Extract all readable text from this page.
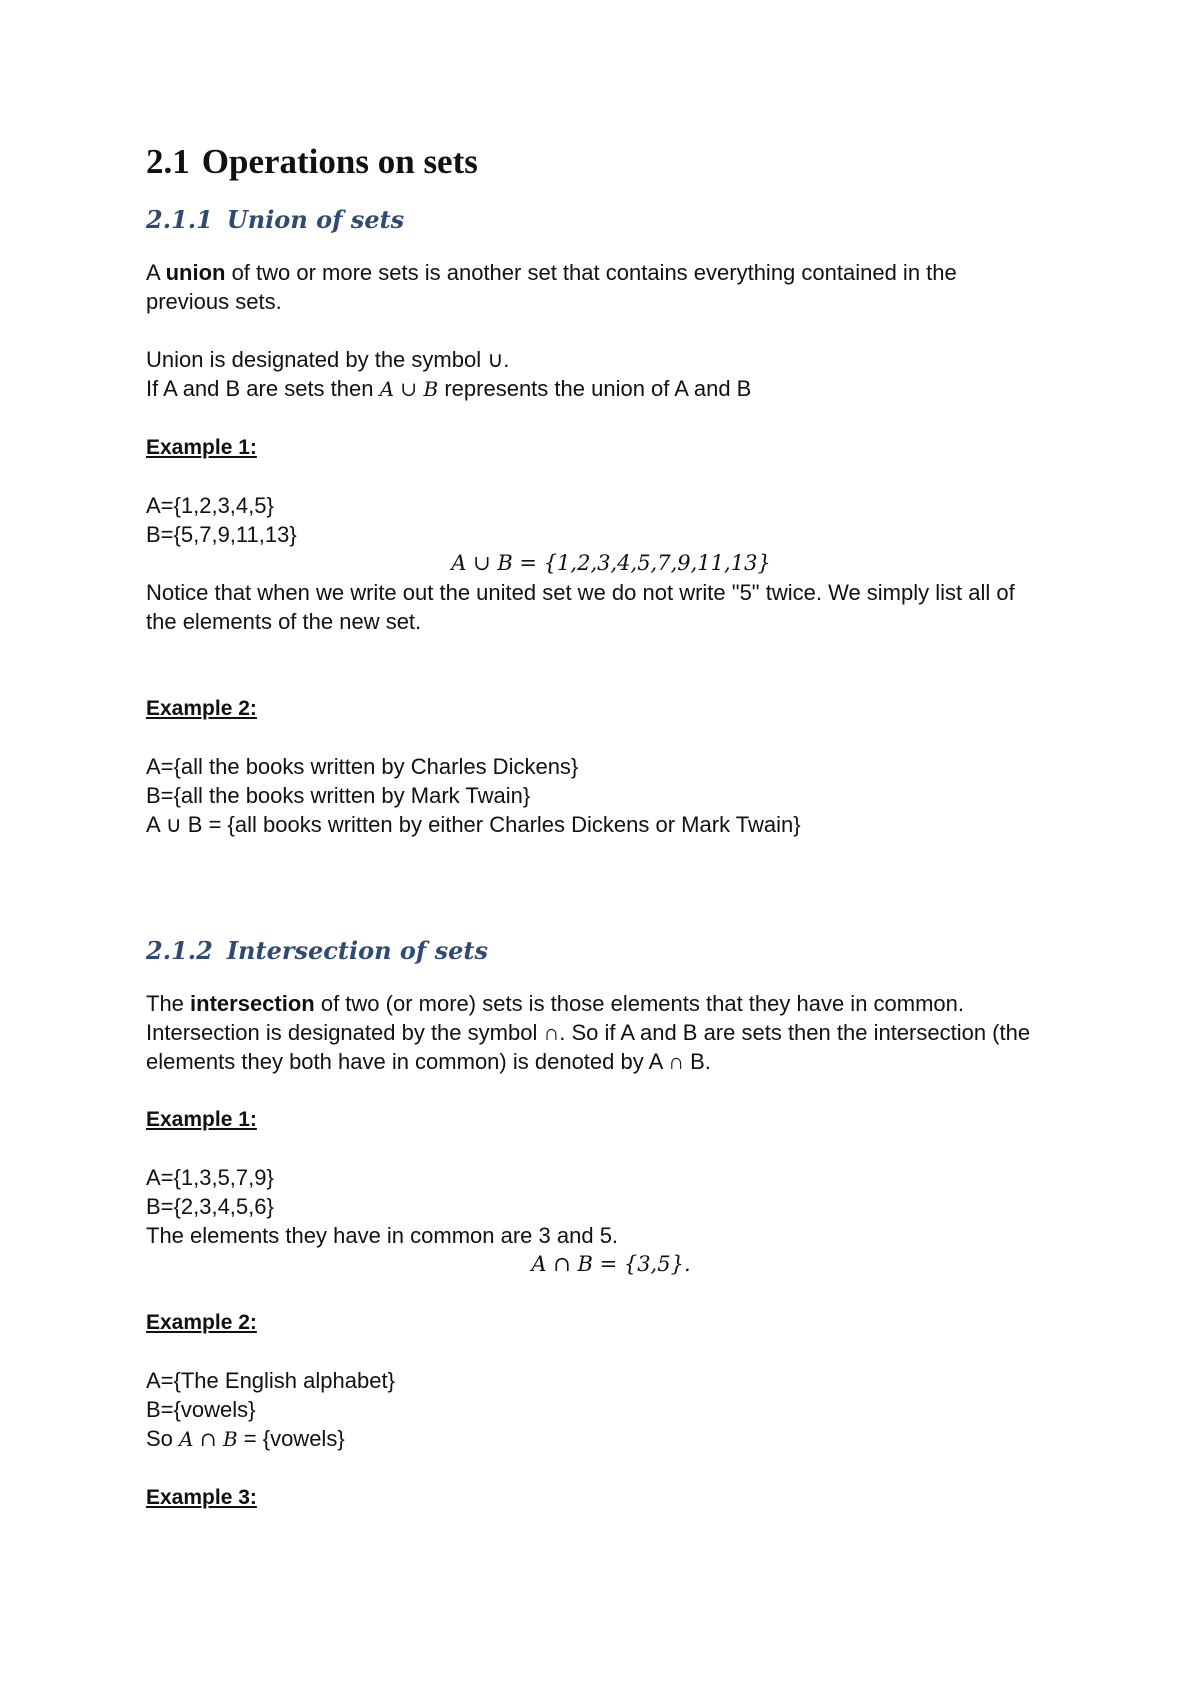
2.1 Operations on sets
2.1.1 Union of sets

A union of two or more sets is another set that contains everything contained in the
previous sets.

Union is designated by the symbol ∪.

If A and B are sets then A ∪ B represents the union of A and B

Example 1:

A={1,2,3,4,5}

B={5,7,9,11,13}

A ∪ B = {1,2,3,4,5,7,9,11,13}

Notice that when we write out the united set we do not write "5" twice. We simply list all of
the elements of the new set.

Example 2:

A={all the books written by Charles Dickens}

B={all the books written by Mark Twain}

A ∪ B = {all books written by either Charles Dickens or Mark Twain}

2.1.2 Intersection of sets

The intersection of two (or more) sets is those elements that they have in common.
Intersection is designated by the symbol ∩. So if A and B are sets then the intersection (the
elements they both have in common) is denoted by A ∩ B.

Example 1:

A={1,3,5,7,9}

B={2,3,4,5,6}

The elements they have in common are 3 and 5.

A ∩ B = {3,5}.

Example 2:

A={The English alphabet}

B={vowels}

So A ∩ B = {vowels}

Example 3:
